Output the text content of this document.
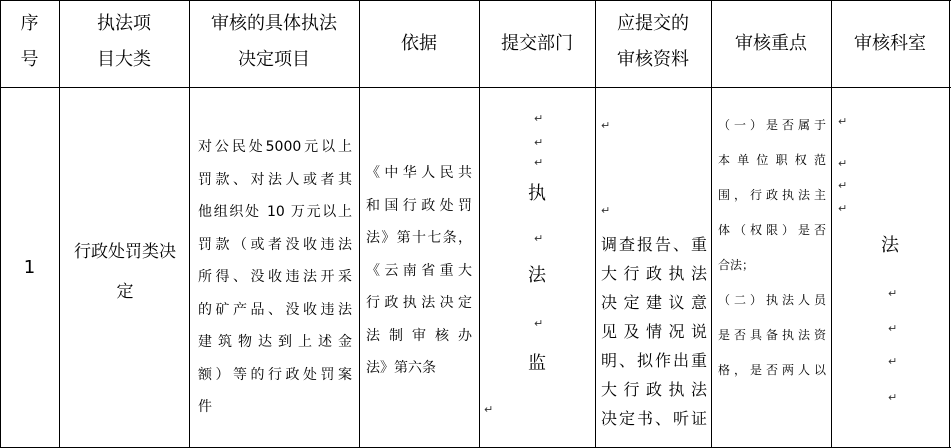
序
号
执法项
目大类
审核的具体执法
决定项目
依据	提交部门
应提交的
审核资料
审核重点	审核科室
1
行政处罚类决
定
对公民处5000元以上
罚款、对法人或者其
他组织处 10 万元以上
罚款（或者没收违法
所得、没收违法开采
的矿产品、没收违法
建筑物达到上述金
额）等的行政处罚案
件
《中华人民共
和国行政处罚
法》第十七条，
《云南省重大
行政执法决定
法制审核办
法》第六条
↵
↵
↵
执
↵
法
↵
监
↵
↵
↵
调查报告、重
大行政执法
决定建议意
见及情况说
明、拟作出重
大行政执法
决定书、听证
（一）是否属于
本单位职权范
围，行政执法主
体（权限）是否
合法；
（二）执法人员
是否具备执法资
格，是否两人以
↵
↵
↵
↵
法
↵
↵
↵
↵
